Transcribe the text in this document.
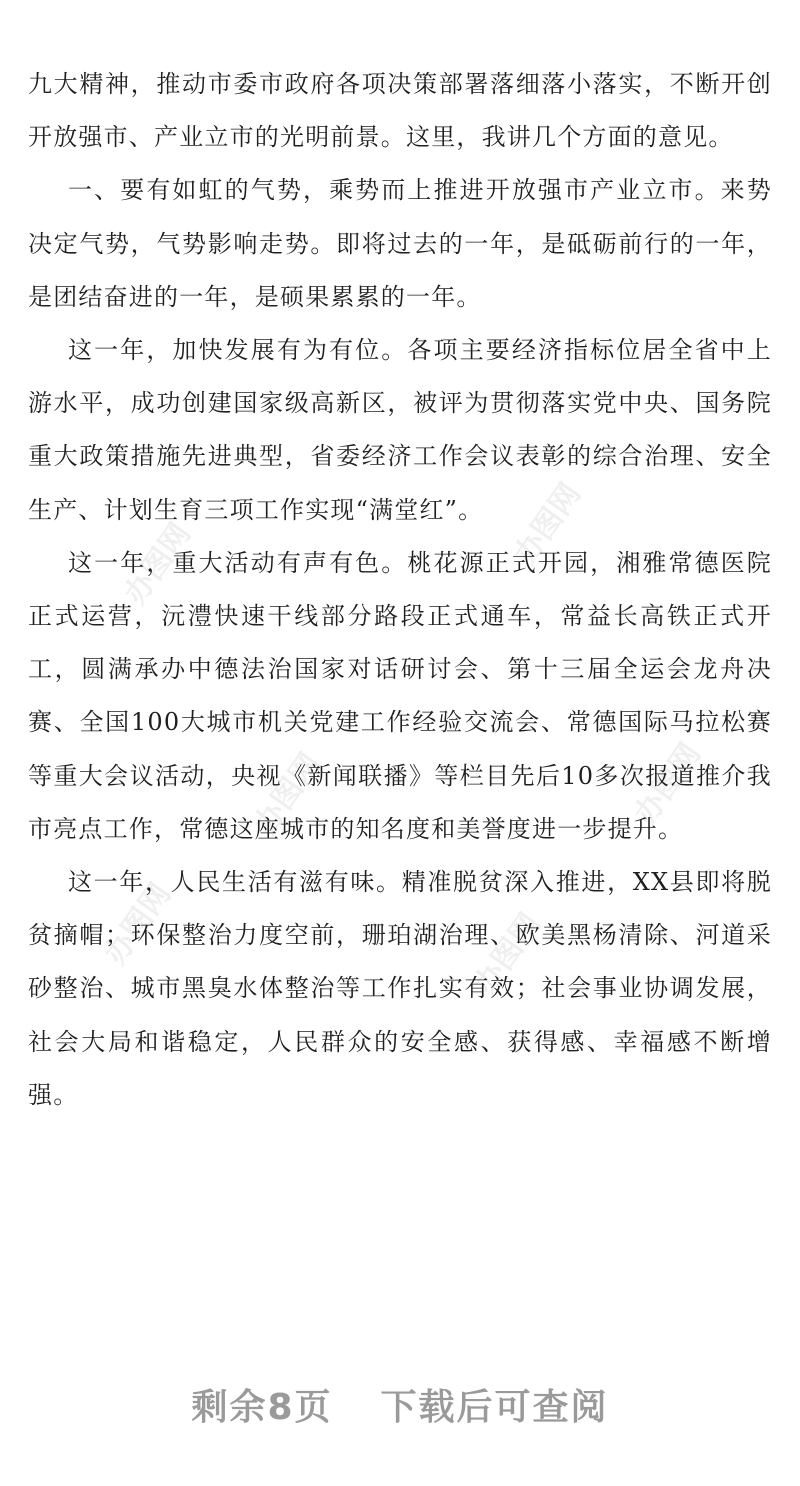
办图网	办图网
办图网	办图网
办图网	办图网

九大精神，推动市委市政府各项决策部署落细落小落实，不断开创开放强市、产业立市的光明前景。这里，我讲几个方面的意见。

一、要有如虹的气势，乘势而上推进开放强市产业立市。来势决定气势，气势影响走势。即将过去的一年，是砥砺前行的一年，是团结奋进的一年，是硕果累累的一年。

这一年，加快发展有为有位。各项主要经济指标位居全省中上游水平，成功创建国家级高新区，被评为贯彻落实党中央、国务院重大政策措施先进典型，省委经济工作会议表彰的综合治理、安全生产、计划生育三项工作实现“满堂红”。

这一年，重大活动有声有色。桃花源正式开园，湘雅常德医院正式运营，沅澧快速干线部分路段正式通车，常益长高铁正式开工，圆满承办中德法治国家对话研讨会、第十三届全运会龙舟决赛、全国100大城市机关党建工作经验交流会、常德国际马拉松赛等重大会议活动，央视《新闻联播》等栏目先后10多次报道推介我市亮点工作，常德这座城市的知名度和美誉度进一步提升。

这一年，人民生活有滋有味。精准脱贫深入推进，XX县即将脱贫摘帽；环保整治力度空前，珊珀湖治理、欧美黑杨清除、河道采砂整治、城市黑臭水体整治等工作扎实有效；社会事业协调发展，社会大局和谐稳定，人民群众的安全感、获得感、幸福感不断增强。

剩余8页 下载后可查阅
